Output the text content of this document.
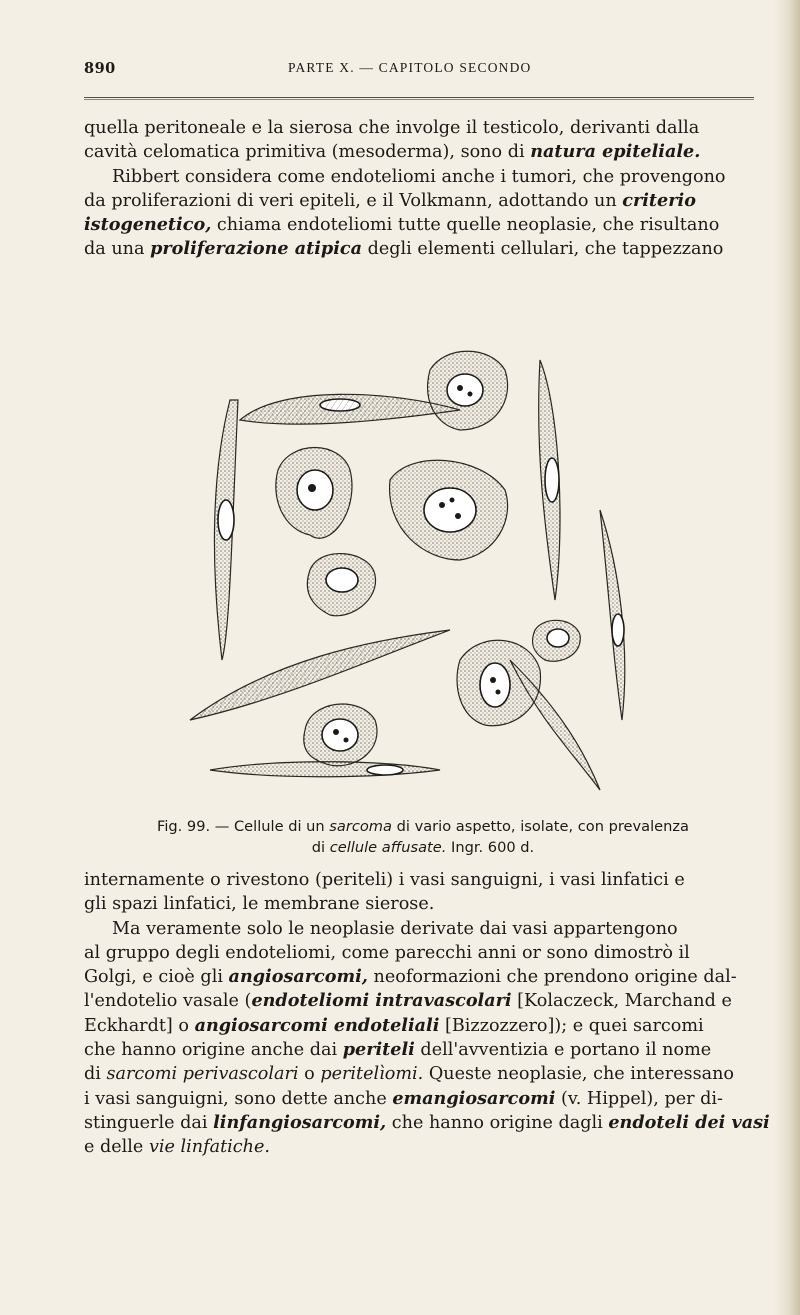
890	PARTE X. — CAPITOLO SECONDO

quella peritoneale e la sierosa che involge il testicolo, derivanti dalla

cavità celomatica primitiva (mesoderma), sono di natura epiteliale.

Ribbert considera come endoteliomi anche i tumori, che provengono

da proliferazioni di veri epiteli, e il Volkmann, adottando un criterio

istogenetico, chiama endoteliomi tutte quelle neoplasie, che risultano

da una proliferazione atipica degli elementi cellulari, che tappezzano

Fig. 99. — Cellule di un sarcoma di vario aspetto, isolate, con prevalenza
di cellule affusate. Ingr. 600 d.

internamente o rivestono (periteli) i vasi sanguigni, i vasi linfatici e

gli spazi linfatici, le membrane sierose.

Ma veramente solo le neoplasie derivate dai vasi appartengono

al gruppo degli endoteliomi, come parecchi anni or sono dimostrò il

Golgi, e cioè gli angiosarcomi, neoformazioni che prendono origine dal-

l'endotelio vasale (endoteliomi intravascolari [Kolaczeck, Marchand e

Eckhardt] o angiosarcomi endoteliali [Bizzozzero]); e quei sarcomi

che hanno origine anche dai periteli dell'avventizia e portano il nome

di sarcomi perivascolari o peritelìomi. Queste neoplasie, che interessano

i vasi sanguigni, sono dette anche emangiosarcomi (v. Hippel), per di-

stinguerle dai linfangiosarcomi, che hanno origine dagli endoteli dei vasi

e delle vie linfatiche.
